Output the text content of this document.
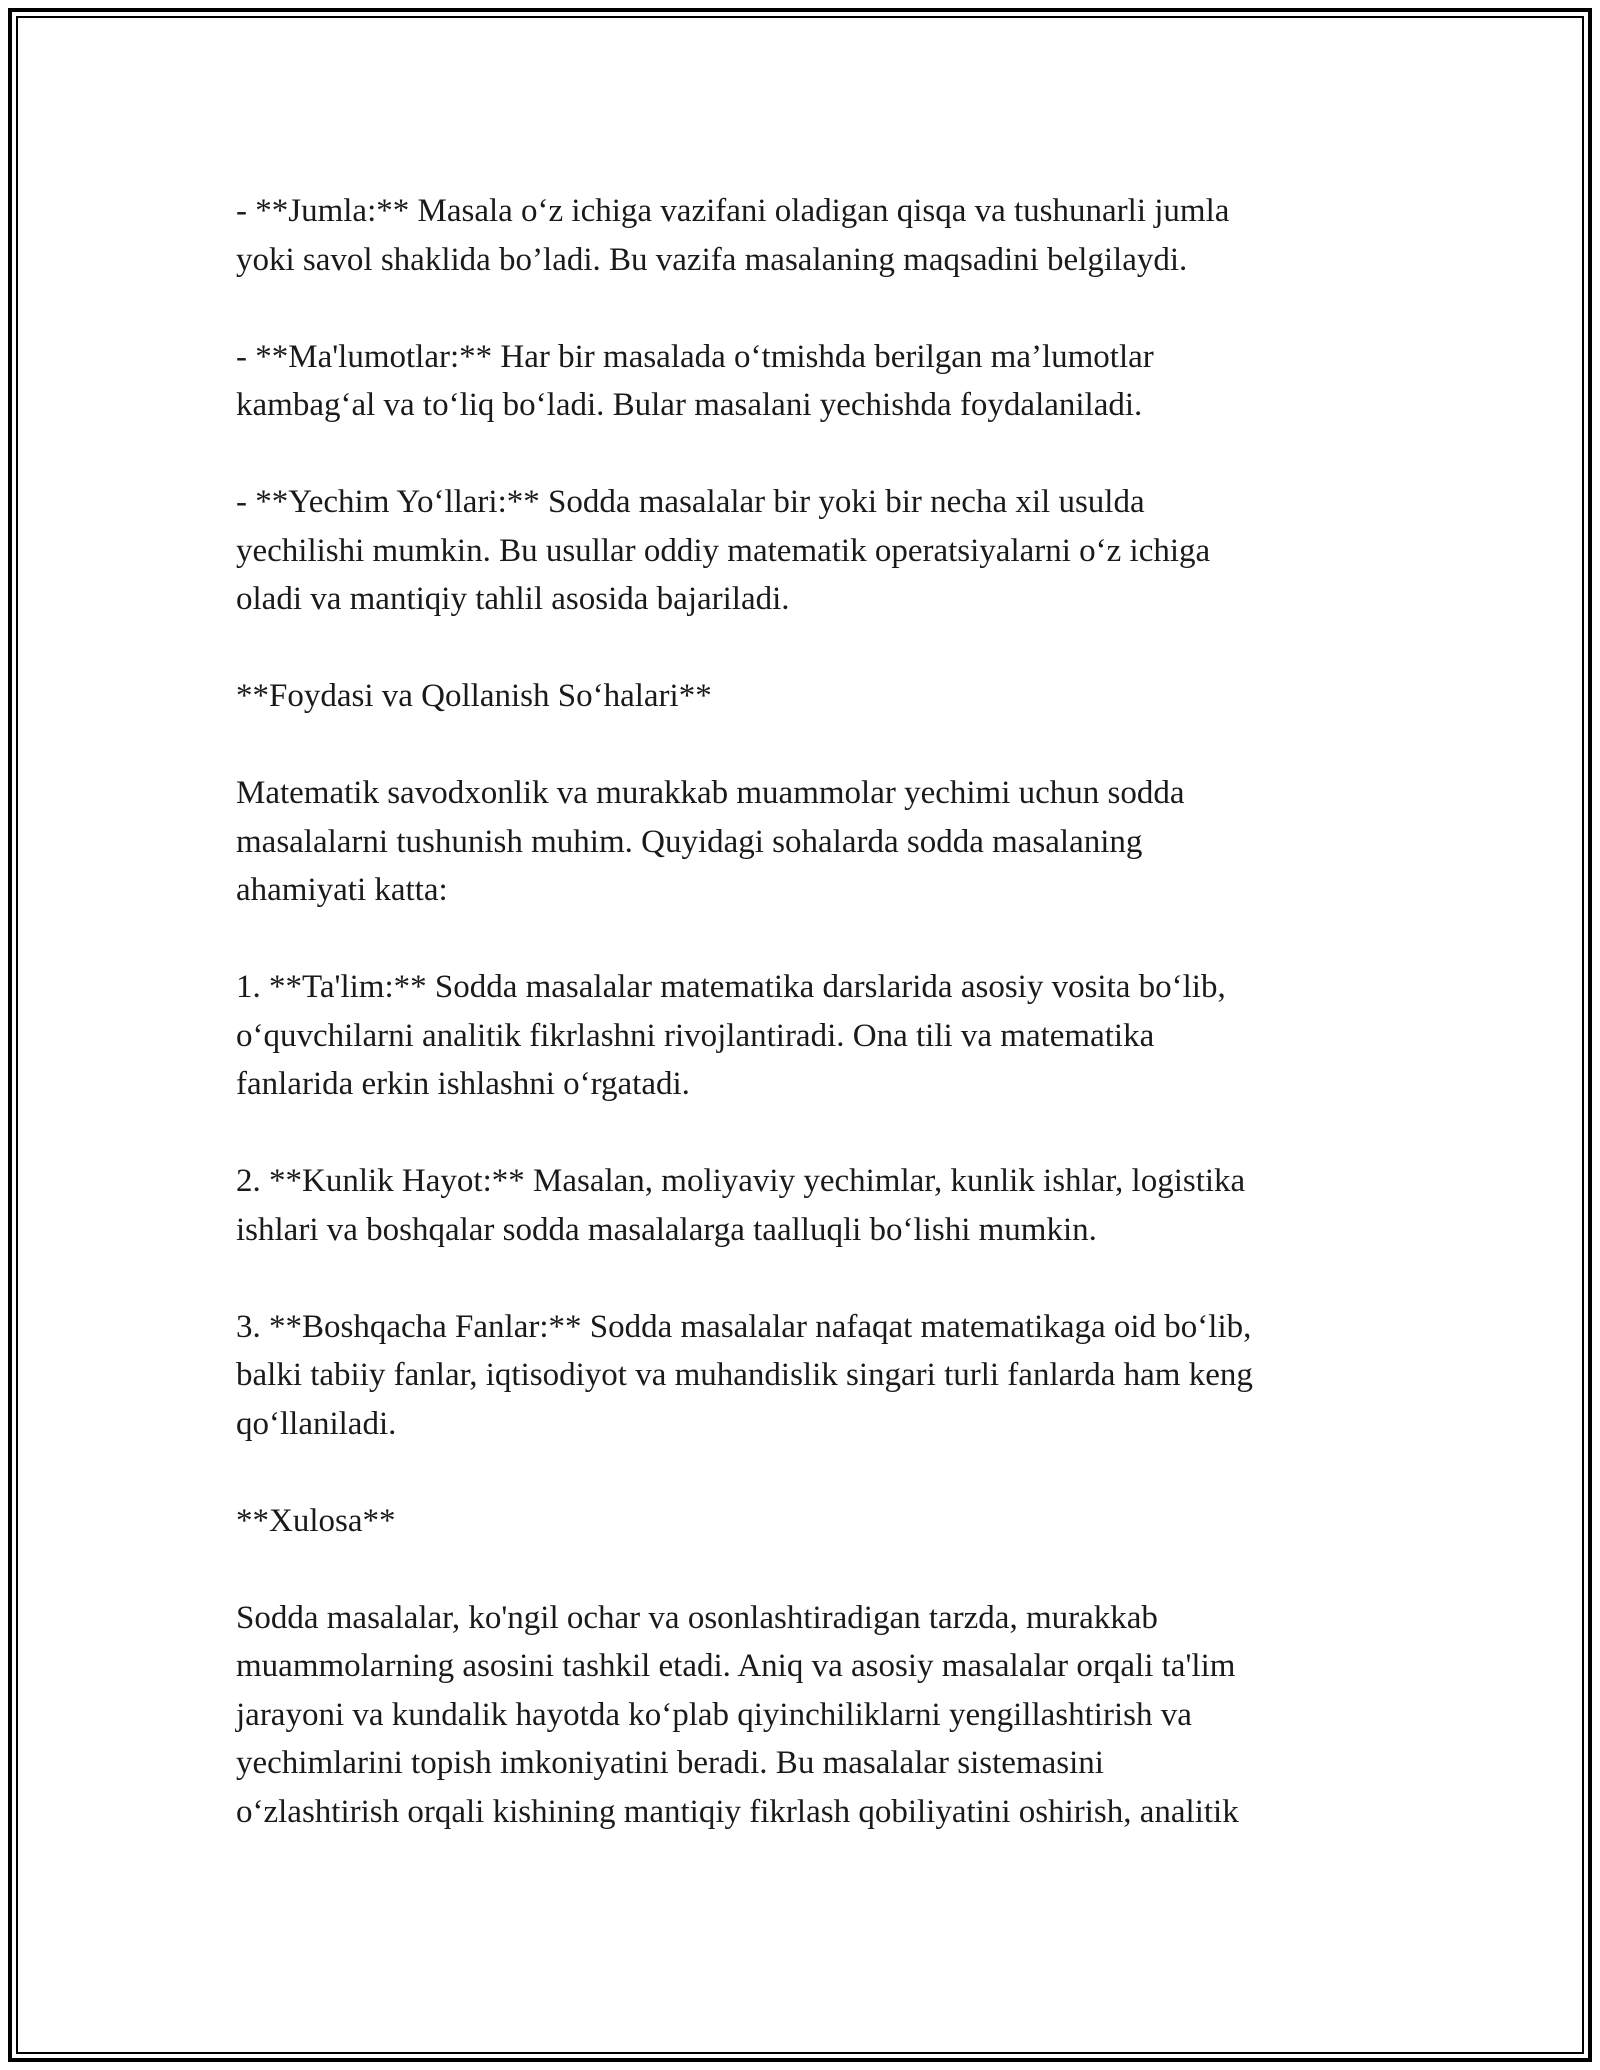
- **Jumla:** Masala o‘z ichiga vazifani oladigan qisqa va tushunarli jumla
yoki savol shaklida bo’ladi. Bu vazifa masalaning maqsadini belgilaydi.

- **Ma'lumotlar:** Har bir masalada o‘tmishda berilgan ma’lumotlar
kambag‘al va to‘liq bo‘ladi. Bular masalani yechishda foydalaniladi.

- **Yechim Yo‘llari:** Sodda masalalar bir yoki bir necha xil usulda
yechilishi mumkin. Bu usullar oddiy matematik operatsiyalarni o‘z ichiga
oladi va mantiqiy tahlil asosida bajariladi.

**Foydasi va Qollanish So‘halari**

Matematik savodxonlik va murakkab muammolar yechimi uchun sodda
masalalarni tushunish muhim. Quyidagi sohalarda sodda masalaning
ahamiyati katta:

1. **Ta'lim:** Sodda masalalar matematika darslarida asosiy vosita bo‘lib,
o‘quvchilarni analitik fikrlashni rivojlantiradi. Ona tili va matematika
fanlarida erkin ishlashni o‘rgatadi.

2. **Kunlik Hayot:** Masalan, moliyaviy yechimlar, kunlik ishlar, logistika
ishlari va boshqalar sodda masalalarga taalluqli bo‘lishi mumkin.

3. **Boshqacha Fanlar:** Sodda masalalar nafaqat matematikaga oid bo‘lib,
balki tabiiy fanlar, iqtisodiyot va muhandislik singari turli fanlarda ham keng
qo‘llaniladi.

**Xulosa**

Sodda masalalar, ko'ngil ochar va osonlashtiradigan tarzda, murakkab
muammolarning asosini tashkil etadi. Aniq va asosiy masalalar orqali ta'lim
jarayoni va kundalik hayotda ko‘plab qiyinchiliklarni yengillashtirish va
yechimlarini topish imkoniyatini beradi. Bu masalalar sistemasini
o‘zlashtirish orqali kishining mantiqiy fikrlash qobiliyatini oshirish, analitik
